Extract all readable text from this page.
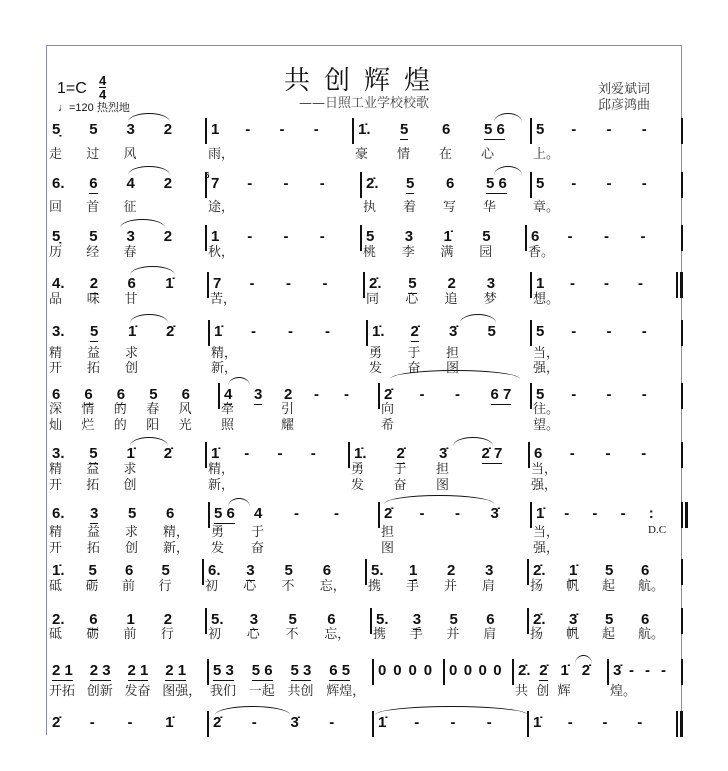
共创辉煌
——日照工业学校校歌
1=C 4
4
♩=120 热烈地
刘爱斌词
邱彦鸿曲
D.C
5̣ 5 3 2
走 过 风
1 - - -
雨，
1̇. 5 6 5 6
豪 情 在 心
5 - - -
上。
6. 6 4 2
回 首 征
7
6	- - -
途，
2̇. 5 6 5 6
执 着 写 华
5 - - -
章。
5̣ 5 3 2
历 经 春
1 - - -
秋，
5 3 1̇ 5
桃 李 满 园
6 - - -
香。
4. 2 6 1̇
品 味 甘
7 - - -
苦，
2̇. 5 2 3
同 心 追 梦
1 - - -
想。
3. 5 1̇ 2̇
精 益 求
开 拓 创
1̇ - - -
精，
新，
1̇. 2̇ 3̇ 5
勇 于 担
发 奋 图
5 - - -
当，
强，
6 6 6 5 6
深 情 的 春 风
灿 烂 的 阳 光
4 3 2 - -
牵	引
照	耀
2̇ - - 6 7
向
希
5 - - -
往。
望。
3. 5 1̇ 2̇
精 益 求
开 拓 创
1̇ - - -
精，
新，
1̇. 2̇ 3̇ 2̇ 7
勇 于 担
发 奋 图
6 - - -
当，
强，
6. 3 5 6
精 益 求 精，
开 拓 创 新，
5 6 4 - -
勇 于
发 奋
2̇ - - 3̇
担
图
1̇ - - - :
当，
强，
1̇. 5 6 5
砥 砺 前 行
6. 3 5 6
初 心 不 忘，
5. 1 2 3
携 手 并 肩
2̇. 1̇ 5 6
扬 帆 起 航。
2. 6 1 2
砥 砺 前 行
5. 3 5 6
初 心 不 忘，
5. 3 5 6
携 手 并 肩
2̇. 3̇ 5 6
扬 帆 起 航。
2 1 2 3 2 1 2 1
开拓 创新 发奋 图强，
5 3 5 6 5 3 6 5
我们 一起 共创 辉煌，
0 0 0 0 0 0 0 0 2̇. 2̇ 1̇ 2̇
共 创 辉
3̇ - - -
煌。
2̇ - - 1̇	2̇ - 3̇ -	1̇ - - -	1̇ - - -
